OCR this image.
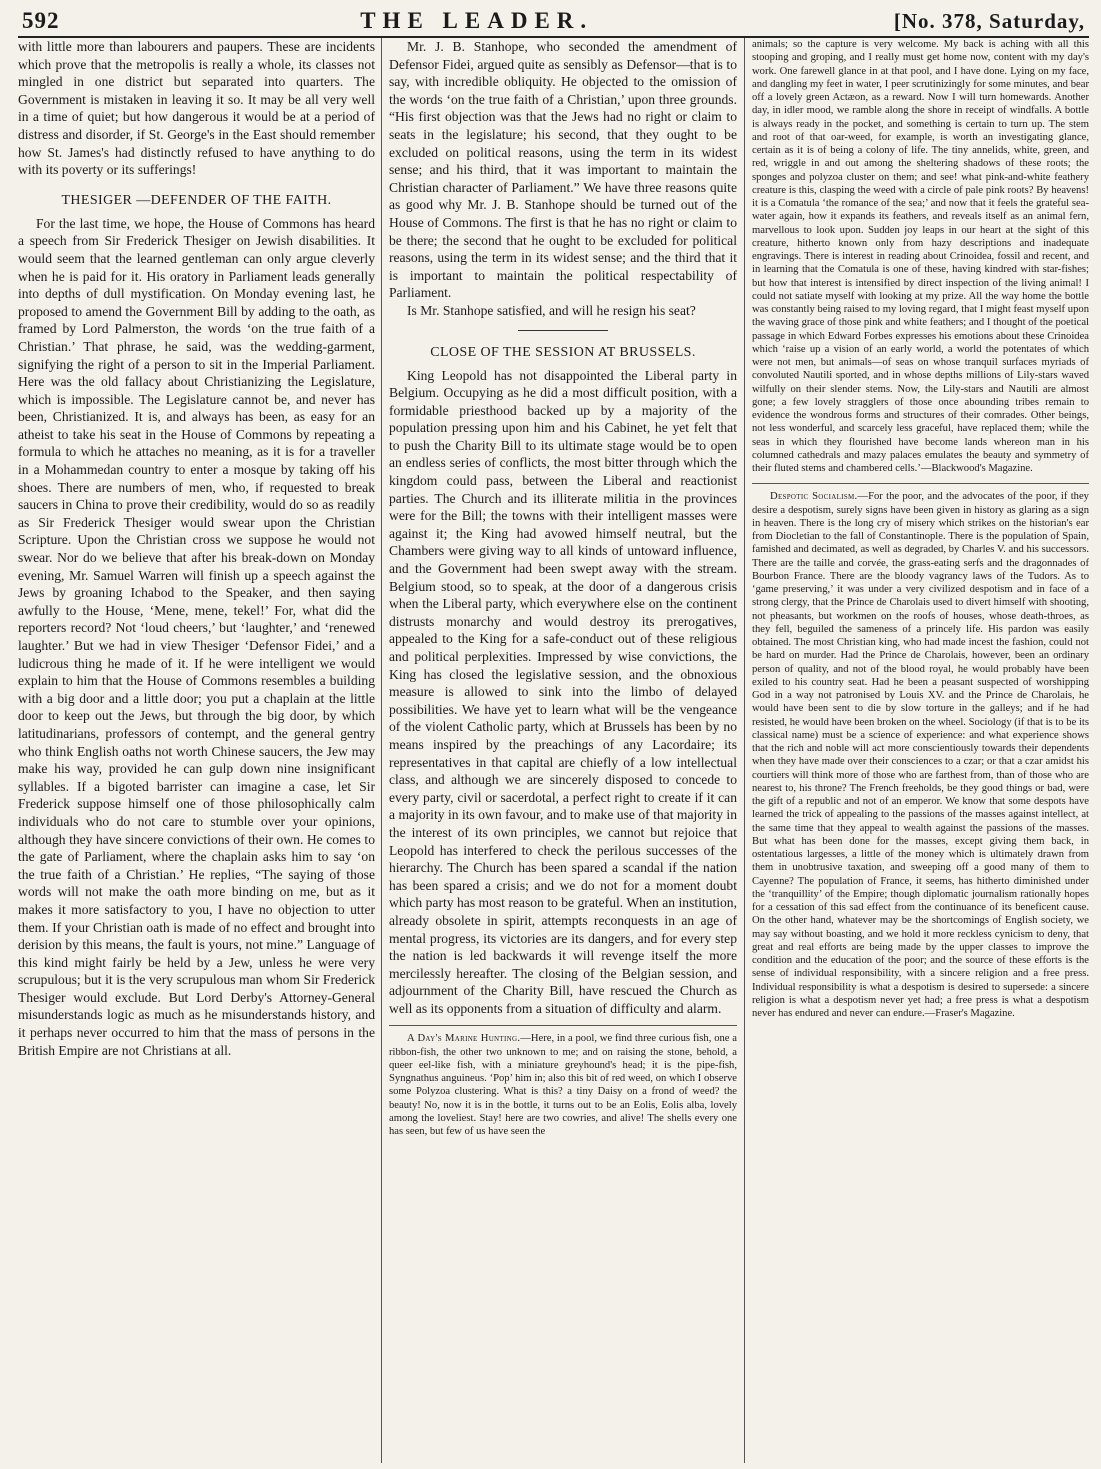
592	THE LEADER.	[No. 378, Saturday,

with little more than labourers and paupers. These are incidents which prove that the metropolis is really a whole, its classes not mingled in one district but separated into quarters. The Government is mistaken in leaving it so. It may be all very well in a time of quiet; but how dangerous it would be at a period of distress and disorder, if St. George's in the East should remember how St. James's had distinctly refused to have anything to do with its poverty or its sufferings!

THESIGER —DEFENDER OF THE FAITH.

For the last time, we hope, the House of Commons has heard a speech from Sir Frederick Thesiger on Jewish disabilities. It would seem that the learned gentleman can only argue cleverly when he is paid for it. His oratory in Parliament leads generally into depths of dull mystification. On Monday evening last, he proposed to amend the Government Bill by adding to the oath, as framed by Lord Palmerston, the words ‘on the true faith of a Christian.’ That phrase, he said, was the wedding-garment, signifying the right of a person to sit in the Imperial Parliament. Here was the old fallacy about Christianizing the Legislature, which is impossible. The Legislature cannot be, and never has been, Christianized. It is, and always has been, as easy for an atheist to take his seat in the House of Commons by repeating a formula to which he attaches no meaning, as it is for a traveller in a Mohammedan country to enter a mosque by taking off his shoes. There are numbers of men, who, if requested to break saucers in China to prove their credibility, would do so as readily as Sir Frederick Thesiger would swear upon the Christian Scripture. Upon the Christian cross we suppose he would not swear. Nor do we believe that after his break-down on Monday evening, Mr. Samuel Warren will finish up a speech against the Jews by groaning Ichabod to the Speaker, and then saying awfully to the House, ‘Mene, mene, tekel!’ For, what did the reporters record? Not ‘loud cheers,’ but ‘laughter,’ and ‘renewed laughter.’ But we had in view Thesiger ‘Defensor Fidei,’ and a ludicrous thing he made of it. If he were intelligent we would explain to him that the House of Commons resembles a building with a big door and a little door; you put a chaplain at the little door to keep out the Jews, but through the big door, by which latitudinarians, professors of contempt, and the general gentry who think English oaths not worth Chinese saucers, the Jew may make his way, provided he can gulp down nine insignificant syllables. If a bigoted barrister can imagine a case, let Sir Frederick suppose himself one of those philosophically calm individuals who do not care to stumble over your opinions, although they have sincere convictions of their own. He comes to the gate of Parliament, where the chaplain asks him to say ‘on the true faith of a Christian.’ He replies, “The saying of those words will not make the oath more binding on me, but as it makes it more satisfactory to you, I have no objection to utter them. If your Christian oath is made of no effect and brought into derision by this means, the fault is yours, not mine.” Language of this kind might fairly be held by a Jew, unless he were very scrupulous; but it is the very scrupulous man whom Sir Frederick Thesiger would exclude. But Lord Derby's Attorney-General misunderstands logic as much as he misunderstands history, and it perhaps never occurred to him that the mass of persons in the British Empire are not Christians at all.

Mr. J. B. Stanhope, who seconded the amendment of Defensor Fidei, argued quite as sensibly as Defensor—that is to say, with incredible obliquity. He objected to the omission of the words ‘on the true faith of a Christian,’ upon three grounds. “His first objection was that the Jews had no right or claim to seats in the legislature; his second, that they ought to be excluded on political reasons, using the term in its widest sense; and his third, that it was important to maintain the Christian character of Parliament.” We have three reasons quite as good why Mr. J. B. Stanhope should be turned out of the House of Commons. The first is that he has no right or claim to be there; the second that he ought to be excluded for political reasons, using the term in its widest sense; and the third that it is important to maintain the political respectability of Parliament.

Is Mr. Stanhope satisfied, and will he resign his seat?

CLOSE OF THE SESSION AT BRUSSELS.

King Leopold has not disappointed the Liberal party in Belgium. Occupying as he did a most difficult position, with a formidable priesthood backed up by a majority of the population pressing upon him and his Cabinet, he yet felt that to push the Charity Bill to its ultimate stage would be to open an endless series of conflicts, the most bitter through which the kingdom could pass, between the Liberal and reactionist parties. The Church and its illiterate militia in the provinces were for the Bill; the towns with their intelligent masses were against it; the King had avowed himself neutral, but the Chambers were giving way to all kinds of untoward influence, and the Government had been swept away with the stream. Belgium stood, so to speak, at the door of a dangerous crisis when the Liberal party, which everywhere else on the continent distrusts monarchy and would destroy its prerogatives, appealed to the King for a safe-conduct out of these religious and political perplexities. Impressed by wise convictions, the King has closed the legislative session, and the obnoxious measure is allowed to sink into the limbo of delayed possibilities. We have yet to learn what will be the vengeance of the violent Catholic party, which at Brussels has been by no means inspired by the preachings of any Lacordaire; its representatives in that capital are chiefly of a low intellectual class, and although we are sincerely disposed to concede to every party, civil or sacerdotal, a perfect right to create if it can a majority in its own favour, and to make use of that majority in the interest of its own principles, we cannot but rejoice that Leopold has interfered to check the perilous successes of the hierarchy. The Church has been spared a scandal if the nation has been spared a crisis; and we do not for a moment doubt which party has most reason to be grateful. When an institution, already obsolete in spirit, attempts reconquests in an age of mental progress, its victories are its dangers, and for every step the nation is led backwards it will revenge itself the more mercilessly hereafter. The closing of the Belgian session, and adjournment of the Charity Bill, have rescued the Church as well as its opponents from a situation of difficulty and alarm.

A Day's Marine Hunting.—Here, in a pool, we find three curious fish, one a ribbon-fish, the other two unknown to me; and on raising the stone, behold, a queer eel-like fish, with a miniature greyhound's head; it is the pipe-fish, Syngnathus anguineus. ‘Pop’ him in; also this bit of red weed, on which I observe some Polyzoa clustering. What is this? a tiny Daisy on a frond of weed? the beauty! No, now it is in the bottle, it turns out to be an Eolis, Eolis alba, lovely among the loveliest. Stay! here are two cowries, and alive! The shells every one has seen, but few of us have seen the

animals; so the capture is very welcome. My back is aching with all this stooping and groping, and I really must get home now, content with my day's work. One farewell glance in at that pool, and I have done. Lying on my face, and dangling my feet in water, I peer scrutinizingly for some minutes, and bear off a lovely green Actæon, as a reward. Now I will turn homewards. Another day, in idler mood, we ramble along the shore in receipt of windfalls. A bottle is always ready in the pocket, and something is certain to turn up. The stem and root of that oar-weed, for example, is worth an investigating glance, certain as it is of being a colony of life. The tiny annelids, white, green, and red, wriggle in and out among the sheltering shadows of these roots; the sponges and polyzoa cluster on them; and see! what pink-and-white feathery creature is this, clasping the weed with a circle of pale pink roots? By heavens! it is a Comatula ‘the romance of the sea;’ and now that it feels the grateful sea-water again, how it expands its feathers, and reveals itself as an animal fern, marvellous to look upon. Sudden joy leaps in our heart at the sight of this creature, hitherto known only from hazy descriptions and inadequate engravings. There is interest in reading about Crinoidea, fossil and recent, and in learning that the Comatula is one of these, having kindred with star-fishes; but how that interest is intensified by direct inspection of the living animal! I could not satiate myself with looking at my prize. All the way home the bottle was constantly being raised to my loving regard, that I might feast myself upon the waving grace of those pink and white feathers; and I thought of the poetical passage in which Edward Forbes expresses his emotions about these Crinoidea which ‘raise up a vision of an early world, a world the potentates of which were not men, but animals—of seas on whose tranquil surfaces myriads of convoluted Nautili sported, and in whose depths millions of Lily-stars waved wilfully on their slender stems. Now, the Lily-stars and Nautili are almost gone; a few lovely stragglers of those once abounding tribes remain to evidence the wondrous forms and structures of their comrades. Other beings, not less wonderful, and scarcely less graceful, have replaced them; while the seas in which they flourished have become lands whereon man in his columned cathedrals and mazy palaces emulates the beauty and symmetry of their fluted stems and chambered cells.’—Blackwood's Magazine.

Despotic Socialism.—For the poor, and the advocates of the poor, if they desire a despotism, surely signs have been given in history as glaring as a sign in heaven. There is the long cry of misery which strikes on the historian's ear from Diocletian to the fall of Constantinople. There is the population of Spain, famished and decimated, as well as degraded, by Charles V. and his successors. There are the taille and corvée, the grass-eating serfs and the dragonnades of Bourbon France. There are the bloody vagrancy laws of the Tudors. As to ‘game preserving,’ it was under a very civilized despotism and in face of a strong clergy, that the Prince de Charolais used to divert himself with shooting, not pheasants, but workmen on the roofs of houses, whose death-throes, as they fell, beguiled the sameness of a princely life. His pardon was easily obtained. The most Christian king, who had made incest the fashion, could not be hard on murder. Had the Prince de Charolais, however, been an ordinary person of quality, and not of the blood royal, he would probably have been exiled to his country seat. Had he been a peasant suspected of worshipping God in a way not patronised by Louis XV. and the Prince de Charolais, he would have been sent to die by slow torture in the galleys; and if he had resisted, he would have been broken on the wheel. Sociology (if that is to be its classical name) must be a science of experience: and what experience shows that the rich and noble will act more conscientiously towards their dependents when they have made over their consciences to a czar; or that a czar amidst his courtiers will think more of those who are farthest from, than of those who are nearest to, his throne? The French freeholds, be they good things or bad, were the gift of a republic and not of an emperor. We know that some despots have learned the trick of appealing to the passions of the masses against intellect, at the same time that they appeal to wealth against the passions of the masses. But what has been done for the masses, except giving them back, in ostentatious largesses, a little of the money which is ultimately drawn from them in unobtrusive taxation, and sweeping off a good many of them to Cayenne? The population of France, it seems, has hitherto diminished under the ‘tranquillity’ of the Empire; though diplomatic journalism rationally hopes for a cessation of this sad effect from the continuance of its beneficent cause. On the other hand, whatever may be the shortcomings of English society, we may say without boasting, and we hold it more reckless cynicism to deny, that great and real efforts are being made by the upper classes to improve the condition and the education of the poor; and the source of these efforts is the sense of individual responsibility, with a sincere religion and a free press. Individual responsibility is what a despotism is desired to supersede: a sincere religion is what a despotism never yet had; a free press is what a despotism never has endured and never can endure.—Fraser's Magazine.
